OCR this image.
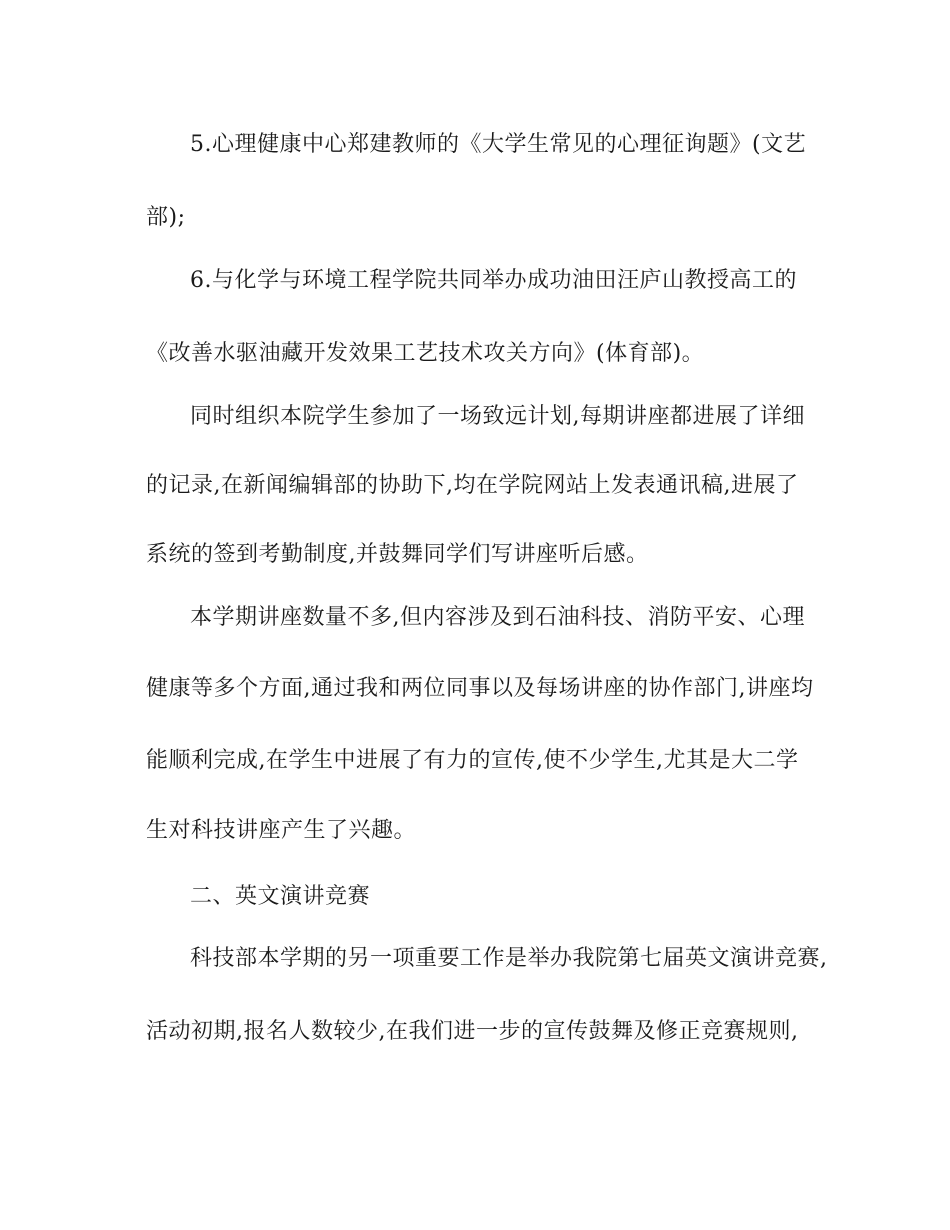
5.心理健康中心郑建教师的《大学生常见的心理征询题》(文艺
部);
6.与化学与环境工程学院共同举办成功油田汪庐山教授高工的
《改善水驱油藏开发效果工艺技术攻关方向》(体育部)。
同时组织本院学生参加了一场致远计划,每期讲座都进展了详细
的记录,在新闻编辑部的协助下,均在学院网站上发表通讯稿,进展了
系统的签到考勤制度,并鼓舞同学们写讲座听后感。
本学期讲座数量不多,但内容涉及到石油科技、消防平安、心理
健康等多个方面,通过我和两位同事以及每场讲座的协作部门,讲座均
能顺利完成,在学生中进展了有力的宣传,使不少学生,尤其是大二学
生对科技讲座产生了兴趣。
二、英文演讲竞赛
科技部本学期的另一项重要工作是举办我院第七届英文演讲竞赛,
活动初期,报名人数较少,在我们进一步的宣传鼓舞及修正竞赛规则,
